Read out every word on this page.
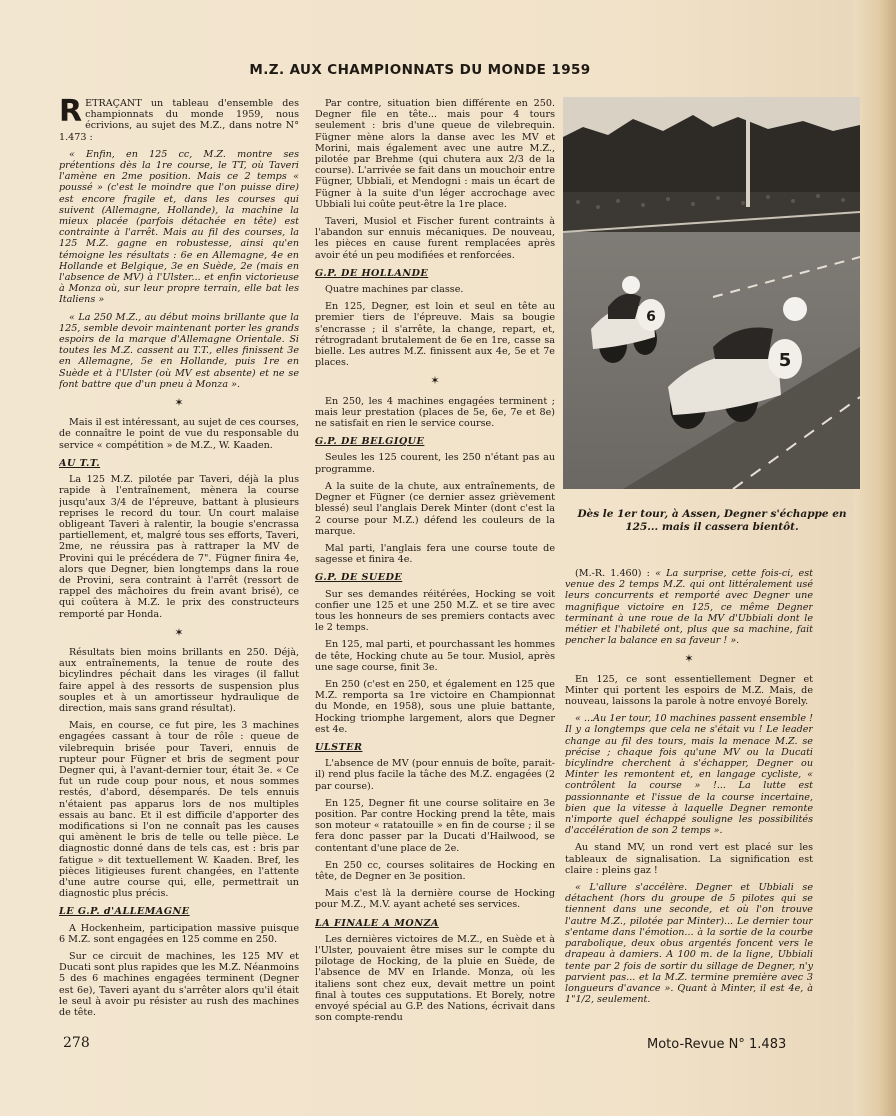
M.Z. AUX CHAMPIONNATS DU MONDE 1959

RETRAÇANT un tableau d'ensemble des championnats du monde 1959, nous écrivions, au sujet des M.Z., dans notre N° 1.473 :

« Enfin, en 125 cc, M.Z. montre ses prétentions dès la 1re course, le TT, où Taveri l'amène en 2me position. Mais ce 2 temps « poussé » (c'est le moindre que l'on puisse dire) est encore fragile et, dans les courses qui suivent (Allemagne, Hollande), la machine la mieux placée (parfois détachée en tête) est contrainte à l'arrêt. Mais au fil des courses, la 125 M.Z. gagne en robustesse, ainsi qu'en témoigne les résultats : 6e en Allemagne, 4e en Hollande et Belgique, 3e en Suède, 2e (mais en l'absence de MV) à l'Ulster... et enfin victorieuse à Monza où, sur leur propre terrain, elle bat les Italiens »

« La 250 M.Z., au début moins brillante que la 125, semble devoir maintenant porter les grands espoirs de la marque d'Allemagne Orientale. Si toutes les M.Z. cassent au T.T., elles finissent 3e en Allemagne, 5e en Hollande, puis 1re en Suède et à l'Ulster (où MV est absente) et ne se font battre que d'un pneu à Monza ».

✶

Mais il est intéressant, au sujet de ces courses, de connaître le point de vue du responsable du service « compétition » de M.Z., W. Kaaden.

AU T.T.

La 125 M.Z. pilotée par Taveri, déjà la plus rapide à l'entraînement, mènera la course jusqu'aux 3/4 de l'épreuve, battant à plusieurs reprises le record du tour. Un court malaise obligeant Taveri à ralentir, la bougie s'encrassa partiellement, et, malgré tous ses efforts, Taveri, 2me, ne réussira pas à rattraper la MV de Provini qui le précédera de 7". Fügner finira 4e, alors que Degner, bien longtemps dans la roue de Provini, sera contraint à l'arrêt (ressort de rappel des mâchoires du frein avant brisé), ce qui coûtera à M.Z. le prix des constructeurs remporté par Honda.

✶

Résultats bien moins brillants en 250. Déjà, aux entraînements, la tenue de route des bicylindres péchait dans les virages (il fallut faire appel à des ressorts de suspension plus souples et à un amortisseur hydraulique de direction, mais sans grand résultat).

Mais, en course, ce fut pire, les 3 machines engagées cassant à tour de rôle : queue de vilebrequin brisée pour Taveri, ennuis de rupteur pour Fügner et bris de segment pour Degner qui, à l'avant-dernier tour, était 3e. « Ce fut un rude coup pour nous, et nous sommes restés, d'abord, désemparés. De tels ennuis n'étaient pas apparus lors de nos multiples essais au banc. Et il est difficile d'apporter des modifications si l'on ne connaît pas les causes qui amènent le bris de telle ou telle pièce. Le diagnostic donné dans de tels cas, est : bris par fatigue » dit textuellement W. Kaaden. Bref, les pièces litigieuses furent changées, en l'attente d'une autre course qui, elle, permettrait un diagnostic plus précis.

LE G.P. d'ALLEMAGNE

A Hockenheim, participation massive puisque 6 M.Z. sont engagées en 125 comme en 250.

Sur ce circuit de machines, les 125 MV et Ducati sont plus rapides que les M.Z. Néanmoins 5 des 6 machines engagées terminent (Degner est 6e), Taveri ayant du s'arrêter alors qu'il était le seul à avoir pu résister au rush des machines de tête.

Par contre, situation bien différente en 250. Degner file en tête... mais pour 4 tours seulement : bris d'une queue de vilebrequin. Fügner mène alors la danse avec les MV et Morini, mais également avec une autre M.Z., pilotée par Brehme (qui chutera aux 2/3 de la course). L'arrivée se fait dans un mouchoir entre Fügner, Ubbiali, et Mendogni : mais un écart de Fügner à la suite d'un léger accrochage avec Ubbiali lui coûte peut-être la 1re place.

Taveri, Musiol et Fischer furent contraints à l'abandon sur ennuis mécaniques. De nouveau, les pièces en cause furent remplacées après avoir été un peu modifiées et renforcées.

G.P. DE HOLLANDE

Quatre machines par classe.

En 125, Degner, est loin et seul en tête au premier tiers de l'épreuve. Mais sa bougie s'encrasse ; il s'arrête, la change, repart, et, rétrogradant brutalement de 6e en 1re, casse sa bielle. Les autres M.Z. finissent aux 4e, 5e et 7e places.

✶

En 250, les 4 machines engagées terminent ; mais leur prestation (places de 5e, 6e, 7e et 8e) ne satisfait en rien le service course.

G.P. DE BELGIQUE

Seules les 125 courent, les 250 n'étant pas au programme.

A la suite de la chute, aux entraînements, de Degner et Fügner (ce dernier assez grièvement blessé) seul l'anglais Derek Minter (dont c'est la 2 course pour M.Z.) défend les couleurs de la marque.

Mal parti, l'anglais fera une course toute de sagesse et finira 4e.

G.P. DE SUEDE

Sur ses demandes réitérées, Hocking se voit confier une 125 et une 250 M.Z. et se tire avec tous les honneurs de ses premiers contacts avec le 2 temps.

En 125, mal parti, et pourchassant les hommes de tête, Hocking chute au 5e tour. Musiol, après une sage course, finit 3e.

En 250 (c'est en 250, et également en 125 que M.Z. remporta sa 1re victoire en Championnat du Monde, en 1958), sous une pluie battante, Hocking triomphe largement, alors que Degner est 4e.

ULSTER

L'absence de MV (pour ennuis de boîte, parait-il) rend plus facile la tâche des M.Z. engagées (2 par course).

En 125, Degner fit une course solitaire en 3e position. Par contre Hocking prend la tête, mais son moteur « ratatouille » en fin de course ; il se fera donc passer par la Ducati d'Hailwood, se contentant d'une place de 2e.

En 250 cc, courses solitaires de Hocking en tête, de Degner en 3e position.

Mais c'est là la dernière course de Hocking pour M.Z., M.V. ayant acheté ses services.

LA FINALE A MONZA

Les dernières victoires de M.Z., en Suède et à l'Ulster, pouvaient être mises sur le compte du pilotage de Hocking, de la pluie en Suède, de l'absence de MV en Irlande. Monza, où les italiens sont chez eux, devait mettre un point final à toutes ces supputations. Et Borely, notre envoyé spécial au G.P. des Nations, écrivait dans son compte-rendu

6
5
Dès le 1er tour, à Assen, Degner s'échappe en 125... mais il cassera bientôt.

(M.-R. 1.460) : « La surprise, cette fois-ci, est venue des 2 temps M.Z. qui ont littéralement usé leurs concurrents et remporté avec Degner une magnifique victoire en 125, ce même Degner terminant à une roue de la MV d'Ubbiali dont le métier et l'habileté ont, plus que sa machine, fait pencher la balance en sa faveur ! ».

✶

En 125, ce sont essentiellement Degner et Minter qui portent les espoirs de M.Z. Mais, de nouveau, laissons la parole à notre envoyé Borely.

« ...Au 1er tour, 10 machines passent ensemble ! Il y a longtemps que cela ne s'était vu ! Le leader change au fil des tours, mais la menace M.Z. se précise ; chaque fois qu'une MV ou la Ducati bicylindre cherchent à s'échapper, Degner ou Minter les remontent et, en langage cycliste, « contrôlent la course » !... La lutte est passionnante et l'issue de la course incertaine, bien que la vitesse à laquelle Degner remonte n'importe quel échappé souligne les possibilités d'accélération de son 2 temps ».

Au stand MV, un rond vert est placé sur les tableaux de signalisation. La signification est claire : pleins gaz !

« L'allure s'accélère. Degner et Ubbiali se détachent (hors du groupe de 5 pilotes qui se tiennent dans une seconde, et où l'on trouve l'autre M.Z., pilotée par Minter)... Le dernier tour s'entame dans l'émotion... à la sortie de la courbe parabolique, deux obus argentés foncent vers le drapeau à damiers. A 100 m. de la ligne, Ubbiali tente par 2 fois de sortir du sillage de Degner, n'y parvient pas... et la M.Z. termine première avec 3 longueurs d'avance ». Quant à Minter, il est 4e, à 1"1/2, seulement.

278	Moto-Revue N° 1.483
